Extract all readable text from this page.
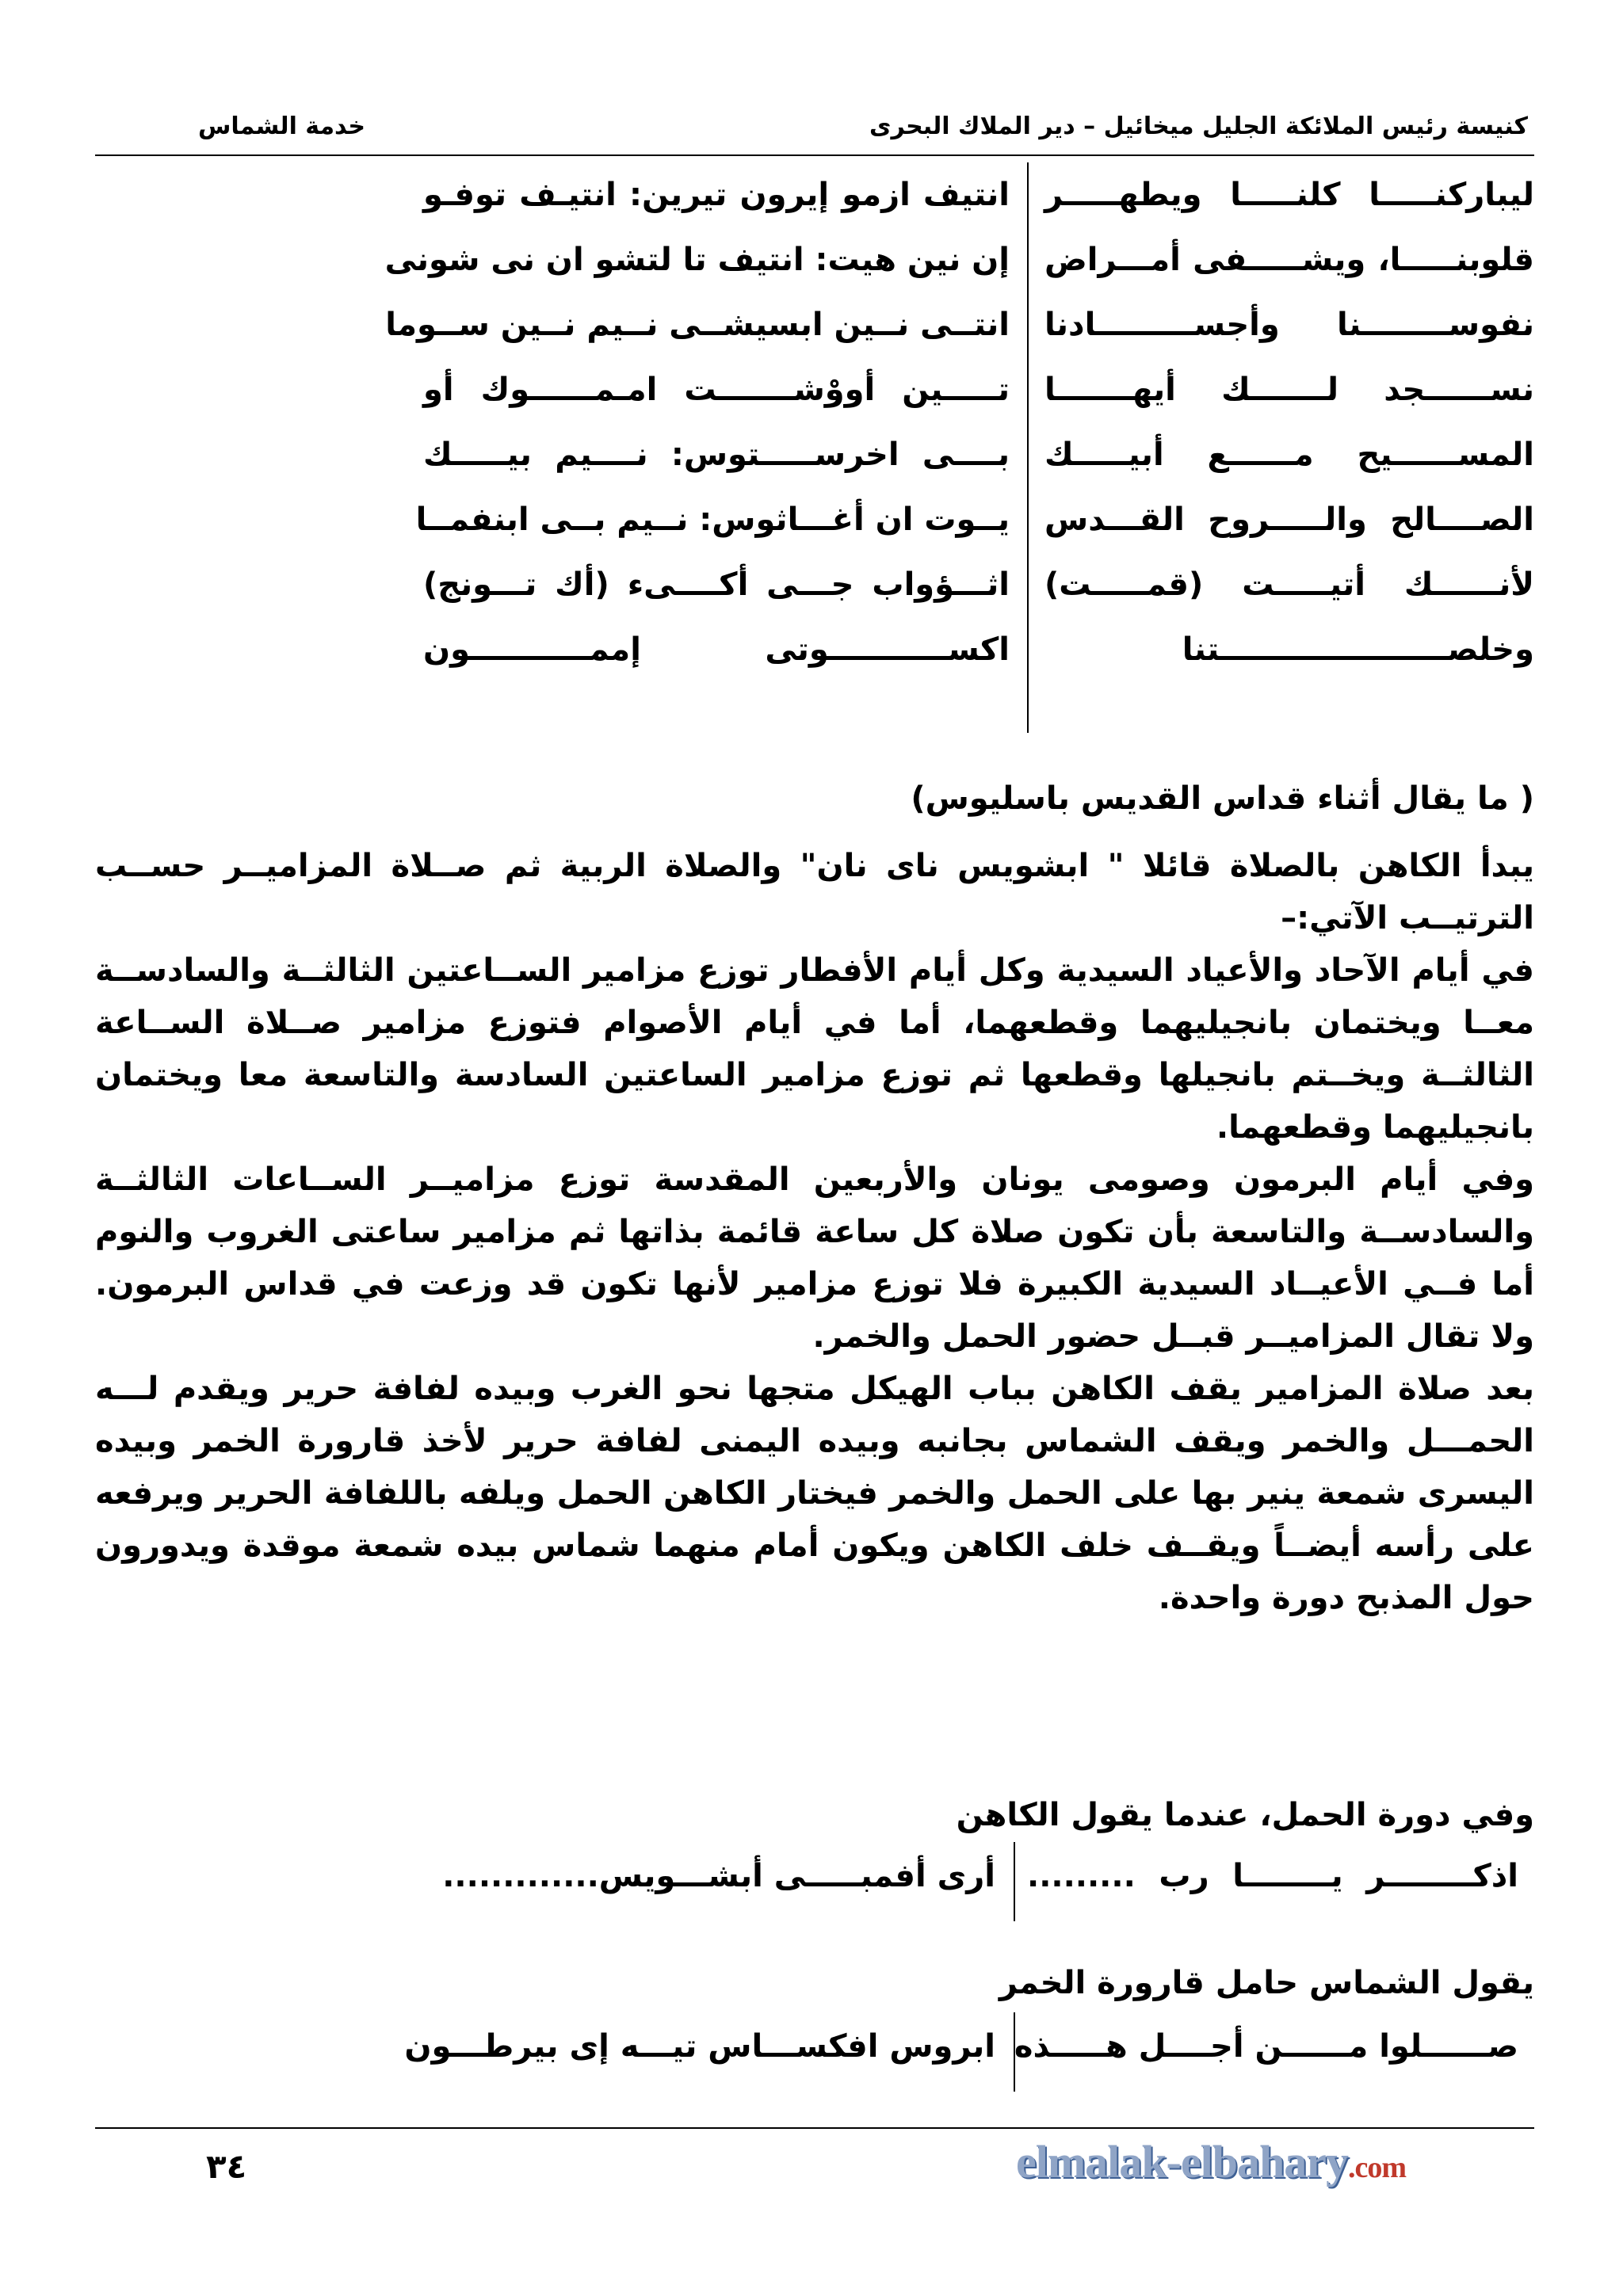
كنيسة رئيس الملائكة الجليل ميخائيل – دير الملاك البحرى
خدمة الشماس
ليباركنـــــا كلنـــــا ويطهـــــر
انتيف ازمو إيرون تيرين: انتيـف توفـو
قلوبنـــــا، ويشـــــفى أمـــراض
إن نين هيت: انتيف تا لتشو ان نى شونى
نفوســــــــنا وأجســـــــــادنا
انتــى نــين ابسيشــى نــيم نــين ســوما
نســــــجد لـــــــك أيهـــــــا
تـــــين أووْشـــــــت امـمــــــوك أو
المســــــيح مــــــع أبيـــــك
بــــى اخرســـــتوس: نــــيم بيـــــك
الصــــالح والـــــروح القـــدس
يــوت ان أغـــاثوس: نــيم بــى ابنفمــا
لأنــــــك أتيـــــت (قمـــــت)
اثـــؤواب جـــى أكــــىء (أك تـــونج)
وخلصـــــــــــــــــــــتنا
اكســـــــــــوتى إممـــــــــــون
( ما يقال أثناء قداس القديس باسليوس)

يبدأ الكاهن بالصلاة قائلا " ابشويس ناى نان" والصلاة الربية ثم صــلاة المزاميــر حســب الترتيــب الآتي:–

في أيام الآحاد والأعياد السيدية وكل أيام الأفطار توزع مزامير الســاعتين الثالثــة والسادســة معــا ويختمان بانجيليهما وقطعهما، أما في أيام الأصوام فتوزع مزامير صــلاة الســاعة الثالثــة ويخــتم بانجيلها وقطعها ثم توزع مزامير الساعتين السادسة والتاسعة معا ويختمان بانجيليهما وقطعهما.

وفي أيام البرمون وصومى يونان والأربعين المقدسة توزع مزاميــر الســاعات الثالثــة والسادســة والتاسعة بأن تكون صلاة كل ساعة قائمة بذاتها ثم مزامير ساعتى الغروب والنوم أما فــي الأعيــاد السيدية الكبيرة فلا توزع مزامير لأنها تكون قد وزعت في قداس البرمون. ولا تقال المزاميــر قبــل حضور الحمل والخمر.

بعد صلاة المزامير يقف الكاهن بباب الهيكل متجها نحو الغرب وبيده لفافة حرير ويقدم لـــه الحمـــل والخمر ويقف الشماس بجانبه وبيده اليمنى لفافة حرير لأخذ قارورة الخمر وبيده اليسرى شمعة ينير بها على الحمل والخمر فيختار الكاهن الحمل ويلفه باللفافة الحرير ويرفعه على رأسه أيضــاً ويقــف خلف الكاهن ويكون أمام منهما شماس بيده شمعة موقدة ويدورون حول المذبح دورة واحدة.

وفي دورة الحمل، عندما يقول الكاهن
اذكــــــــر يــــــــا رب .........
أرى أفمبـــــى أبشـــويس.............
يقول الشماس حامل قارورة الخمر
صــــــلوا مــــــن أجــــل هـــــذه
ابروس افكســـاس تيـــه إى بيرطـــون
٣٤	elmalak-elbahary.com
